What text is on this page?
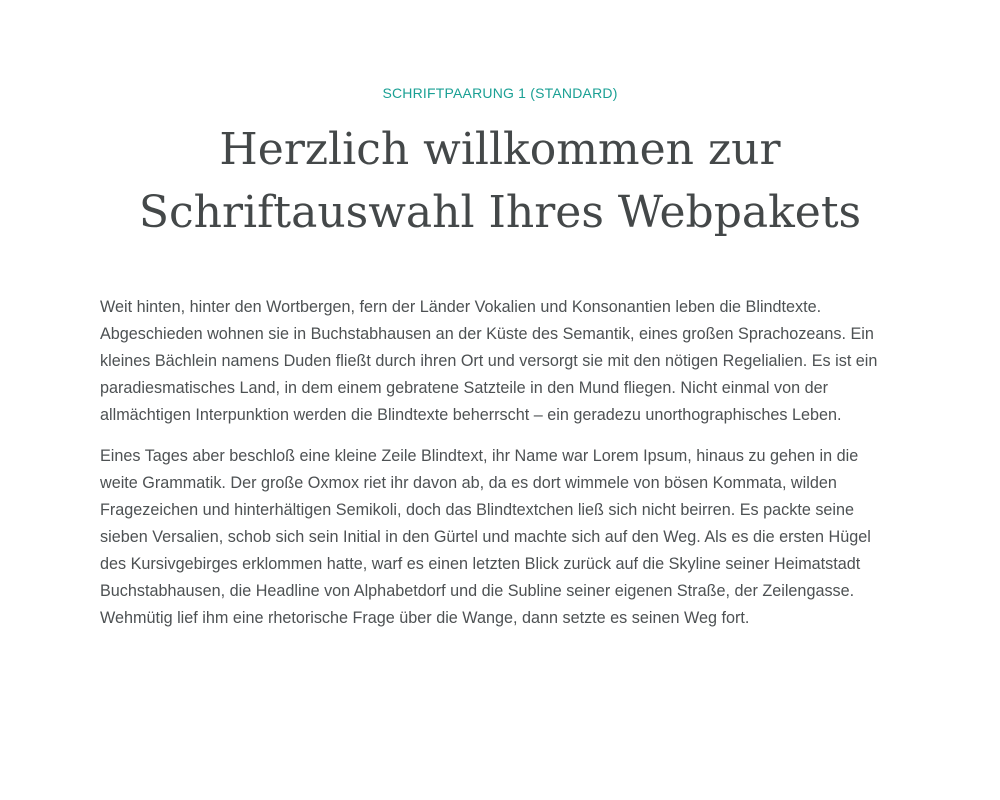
SCHRIFTPAARUNG 1 (STANDARD)
Herzlich willkommen zur Schriftauswahl Ihres Webpakets

Weit hinten, hinter den Wortbergen, fern der Länder Vokalien und Konsonantien leben die Blindtexte. Abgeschieden wohnen sie in Buchstabhausen an der Küste des Semantik, eines großen Sprachozeans. Ein kleines Bächlein namens Duden fließt durch ihren Ort und versorgt sie mit den nötigen Regelialien. Es ist ein paradiesmatisches Land, in dem einem gebratene Satzteile in den Mund fliegen. Nicht einmal von der allmächtigen Interpunktion werden die Blindtexte beherrscht – ein geradezu unorthographisches Leben.

Eines Tages aber beschloß eine kleine Zeile Blindtext, ihr Name war Lorem Ipsum, hinaus zu gehen in die weite Grammatik. Der große Oxmox riet ihr davon ab, da es dort wimmele von bösen Kommata, wilden Fragezeichen und hinterhältigen Semikoli, doch das Blindtextchen ließ sich nicht beirren. Es packte seine sieben Versalien, schob sich sein Initial in den Gürtel und machte sich auf den Weg. Als es die ersten Hügel des Kursivgebirges erklommen hatte, warf es einen letzten Blick zurück auf die Skyline seiner Heimatstadt Buchstabhausen, die Headline von Alphabetdorf und die Subline seiner eigenen Straße, der Zeilengasse. Wehmütig lief ihm eine rhetorische Frage über die Wange, dann setzte es seinen Weg fort.
